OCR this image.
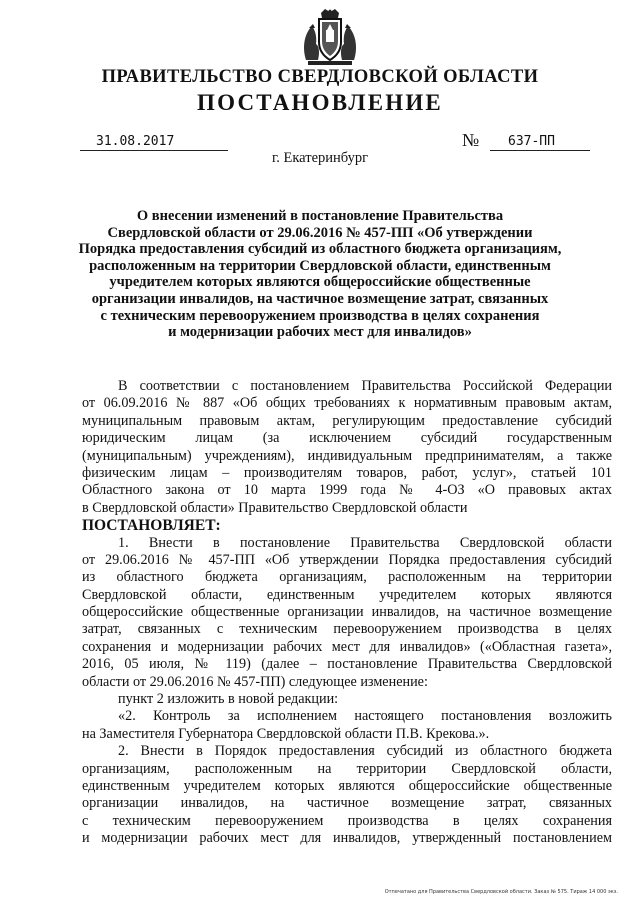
ПРАВИТЕЛЬСТВО СВЕРДЛОВСКОЙ ОБЛАСТИ
ПОСТАНОВЛЕНИЕ
31.08.2017	№	637-ПП
г. Екатеринбург
О внесении изменений в постановление Правительства
Свердловской области от 29.06.2016 № 457-ПП «Об утверждении
Порядка предоставления субсидий из областного бюджета организациям,
расположенным на территории Свердловской области, единственным
учредителем которых являются общероссийские общественные
организации инвалидов, на частичное возмещение затрат, связанных
с техническим перевооружением производства в целях сохранения
и модернизации рабочих мест для инвалидов»
В соответствии с постановлением Правительства Российской Федерации
от 06.09.2016 № 887 «Об общих требованиях к нормативным правовым актам,
муниципальным правовым актам, регулирующим предоставление субсидий
юридическим лицам (за исключением субсидий государственным
(муниципальным) учреждениям), индивидуальным предпринимателям, а также
физическим лицам – производителям товаров, работ, услуг», статьей 101
Областного закона от 10 марта 1999 года № 4-ОЗ «О правовых актах
в Свердловской области» Правительство Свердловской области
ПОСТАНОВЛЯЕТ:
1. Внести в постановление Правительства Свердловской области
от 29.06.2016 № 457-ПП «Об утверждении Порядка предоставления субсидий
из областного бюджета организациям, расположенным на территории
Свердловской области, единственным учредителем которых являются
общероссийские общественные организации инвалидов, на частичное возмещение
затрат, связанных с техническим перевооружением производства в целях
сохранения и модернизации рабочих мест для инвалидов» («Областная газета»,
2016, 05 июля, № 119) (далее – постановление Правительства Свердловской
области от 29.06.2016 № 457-ПП) следующее изменение:
пункт 2 изложить в новой редакции:
«2. Контроль за исполнением настоящего постановления возложить
на Заместителя Губернатора Свердловской области П.В. Крекова.».
2. Внести в Порядок предоставления субсидий из областного бюджета
организациям, расположенным на территории Свердловской области,
единственным учредителем которых являются общероссийские общественные
организации инвалидов, на частичное возмещение затрат, связанных
с техническим перевооружением производства в целях сохранения
и модернизации рабочих мест для инвалидов, утвержденный постановлением
Отпечатано для Правительства Свердловской области. Заказ № 575. Тираж 14 000 экз.
